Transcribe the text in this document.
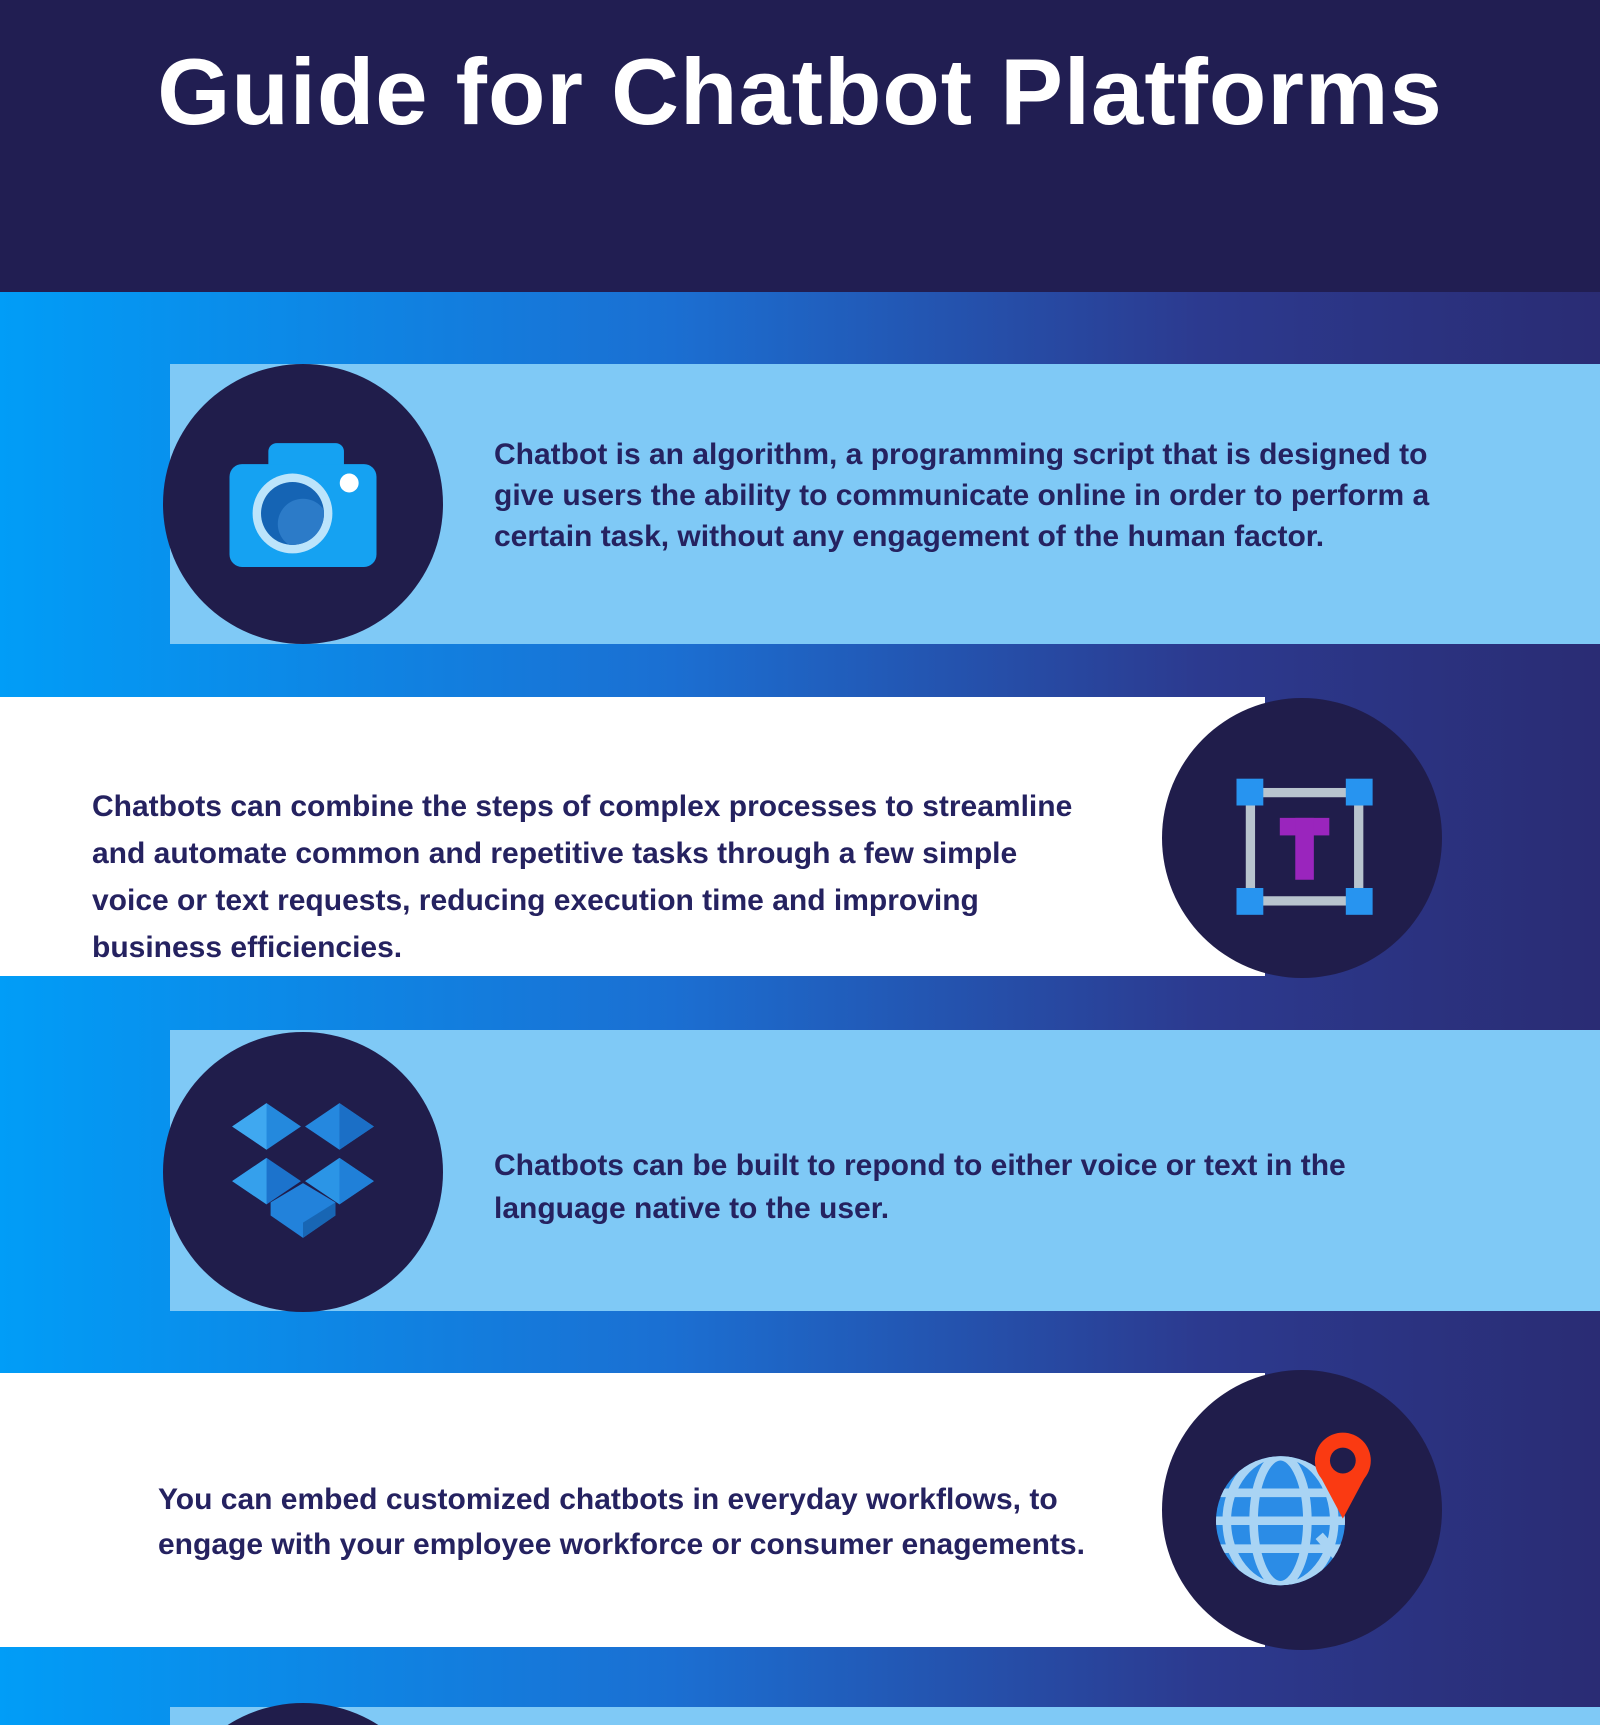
Guide for Chatbot Platforms
Chatbot is an algorithm, a programming script that is designed to
give users the ability to communicate online in order to perform a
certain task, without any engagement of the human factor.
Chatbots can combine the steps of complex processes to streamline
and automate common and repetitive tasks through a few simple
voice or text requests, reducing execution time and improving
business efficiencies.
Chatbots can be built to repond to either voice or text in the
language native to the user.
You can embed customized chatbots in everyday workflows, to
engage with your employee workforce or consumer enagements.
